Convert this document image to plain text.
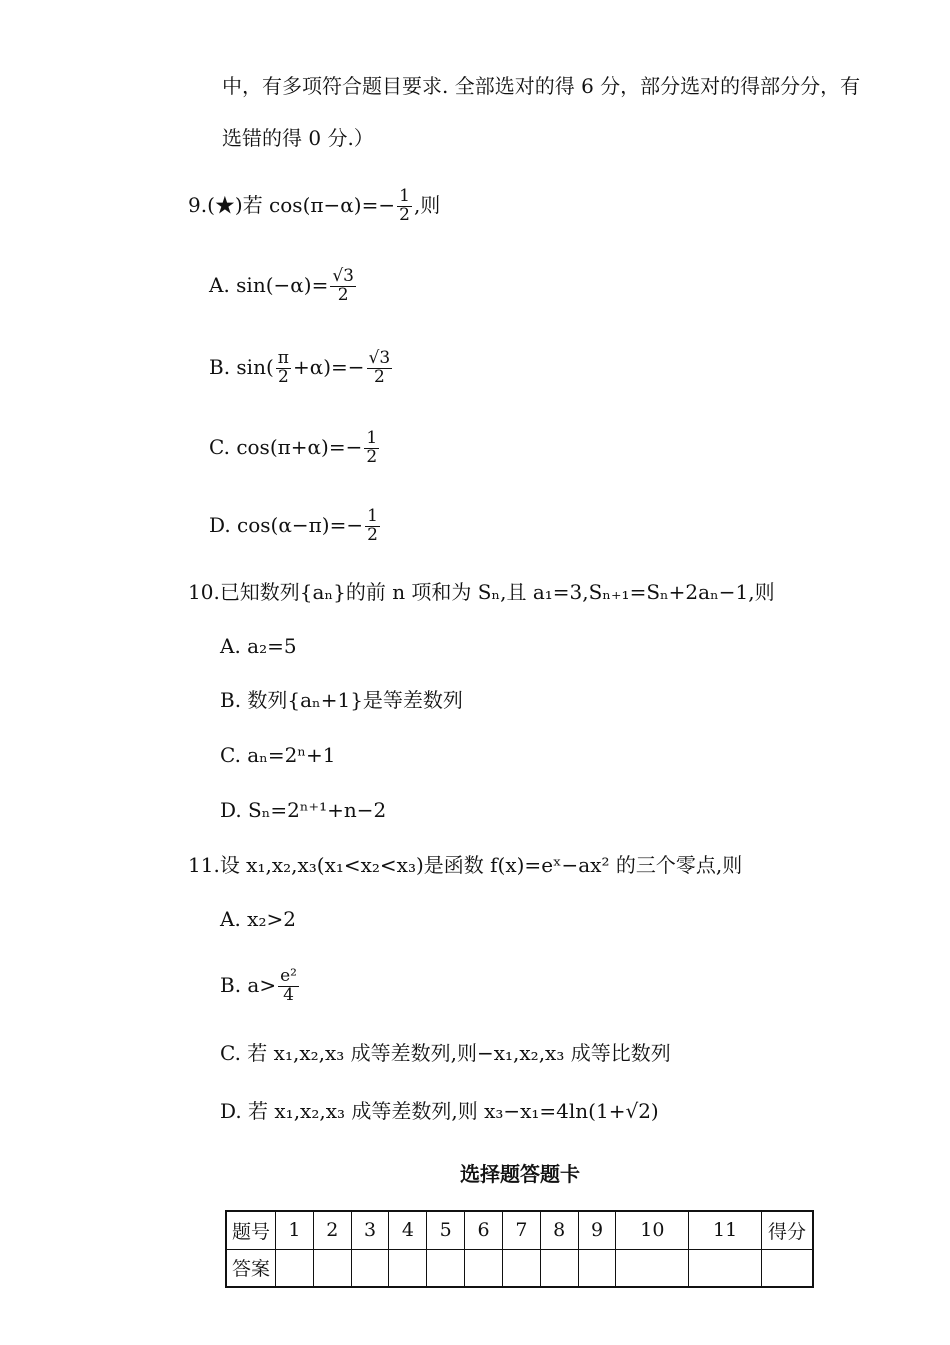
中，有多项符合题目要求. 全部选对的得 6 分，部分选对的得部分分，有
选错的得 0 分.）
9.(★)若 $\cos(\pi-\alpha)=- \frac{1}{2}$ ,则
A. $\sin(-\alpha)= \frac{√3}{2}$
B. $\sin( \frac{\pi}{2} +\alpha)=- \frac{√3}{2}$
C. $\cos(\pi+\alpha)=- \frac{1}{2}$
D. $\cos(\alpha-\pi)=- \frac{1}{2}$
10.已知数列{aₙ}的前 n 项和为 Sₙ,且 a₁=3,Sₙ₊₁=Sₙ+2aₙ−1,则
A. a₂=5
B. 数列{aₙ+1}是等差数列
C. aₙ=2ⁿ+1
D. Sₙ=2ⁿ⁺¹+n−2
11.设 x₁,x₂,x₃(x₁<x₂<x₃)是函数 f(x)=eˣ−ax² 的三个零点,则
A. x₂>2
B. $a> \frac{\text{e²}}{4}$
C. 若 x₁,x₂,x₃ 成等差数列,则−x₁,x₂,x₃ 成等比数列
D. 若 x₁,x₂,x₃ 成等差数列,则 x₃−x₁=4ln(1+√2)
选择题答题卡
题号	1	2	3	4	5	6	7	8	9	10	11	得分
答案												
